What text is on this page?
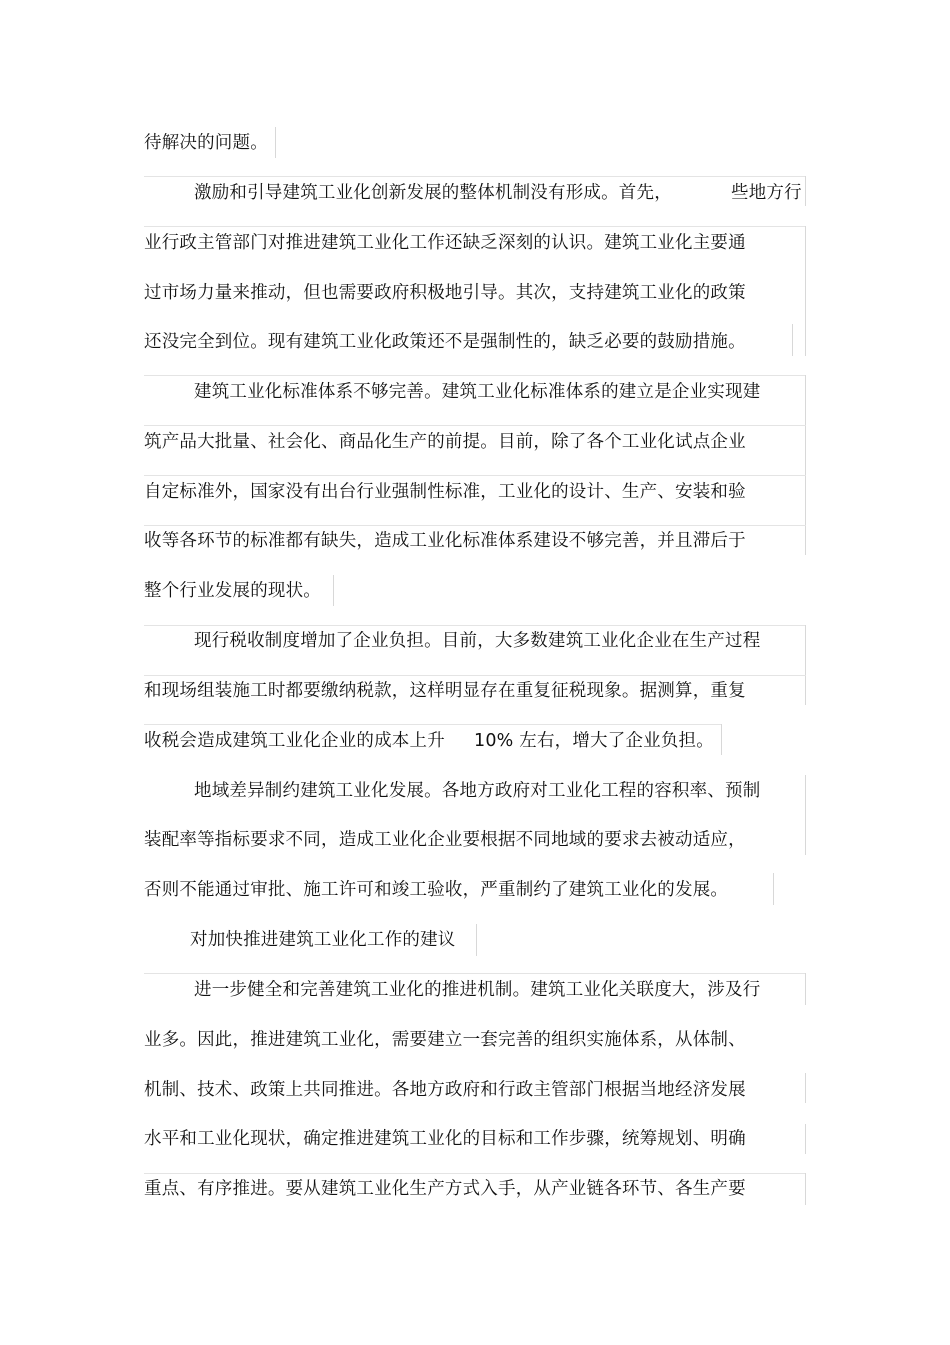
待解决的问题。
激励和引导建筑工业化创新发展的整体机制没有形成。首先，	些地方行
业行政主管部门对推进建筑工业化工作还缺乏深刻的认识。建筑工业化主要通
过市场力量来推动，但也需要政府积极地引导。其次，支持建筑工业化的政策
还没完全到位。现有建筑工业化政策还不是强制性的，缺乏必要的鼓励措施。
建筑工业化标准体系不够完善。建筑工业化标准体系的建立是企业实现建
筑产品大批量、社会化、商品化生产的前提。目前，除了各个工业化试点企业
自定标准外，国家没有出台行业强制性标准，工业化的设计、生产、安装和验
收等各环节的标准都有缺失，造成工业化标准体系建设不够完善，并且滞后于
整个行业发展的现状。
现行税收制度增加了企业负担。目前，大多数建筑工业化企业在生产过程
和现场组装施工时都要缴纳税款，这样明显存在重复征税现象。据测算，重复
收税会造成建筑工业化企业的成本上升 10% 左右，增大了企业负担。
地域差异制约建筑工业化发展。各地方政府对工业化工程的容积率、预制
装配率等指标要求不同，造成工业化企业要根据不同地域的要求去被动适应，
否则不能通过审批、施工许可和竣工验收，严重制约了建筑工业化的发展。
对加快推进建筑工业化工作的建议
进一步健全和完善建筑工业化的推进机制。建筑工业化关联度大，涉及行
业多。因此，推进建筑工业化，需要建立一套完善的组织实施体系，从体制、
机制、技术、政策上共同推进。各地方政府和行政主管部门根据当地经济发展
水平和工业化现状，确定推进建筑工业化的目标和工作步骤，统筹规划、明确
重点、有序推进。要从建筑工业化生产方式入手，从产业链各环节、各生产要
